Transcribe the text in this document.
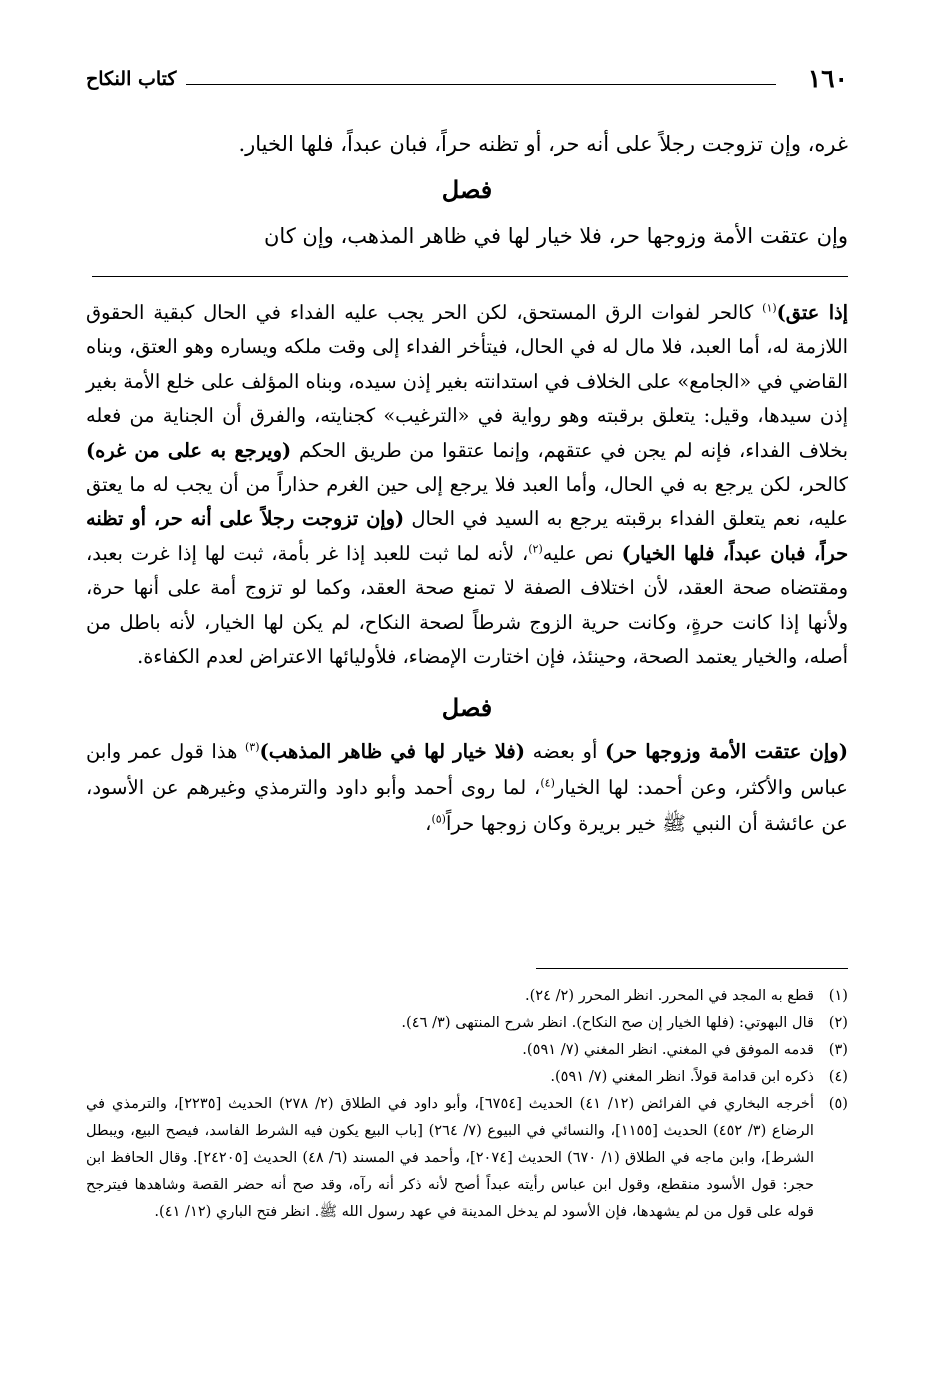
١٦٠
كتاب النكاح

غره، وإن تزوجت رجلاً على أنه حر، أو تظنه حراً، فبان عبداً، فلها الخيار.

فصل

وإن عتقت الأمة وزوجها حر، فلا خيار لها في ظاهر المذهب، وإن كان

إذا عتق)$^{(١)}$ كالحر لفوات الرق المستحق، لكن الحر يجب عليه الفداء في الحال كبقية الحقوق اللازمة له، أما العبد، فلا مال له في الحال، فيتأخر الفداء إلى وقت ملكه ويساره وهو العتق، وبناه القاضي في «الجامع» على الخلاف في استدانته بغير إذن سيده، وبناه المؤلف على خلع الأمة بغير إذن سيدها، وقيل: يتعلق برقبته وهو رواية في «الترغيب» كجنايته، والفرق أن الجناية من فعله بخلاف الفداء، فإنه لم يجن في عتقهم، وإنما عتقوا من طريق الحكم (ويرجع به على من غره) كالحر، لكن يرجع به في الحال، وأما العبد فلا يرجع إلى حين الغرم حذاراً من أن يجب له ما يعتق عليه، نعم يتعلق الفداء برقبته يرجع به السيد في الحال (وإن تزوجت رجلاً على أنه حر، أو تظنه حراً، فبان عبداً، فلها الخيار) نص عليه$^{(٢)}$، لأنه لما ثبت للعبد إذا غر بأمة، ثبت لها إذا غرت بعبد، ومقتضاه صحة العقد، لأن اختلاف الصفة لا تمنع صحة العقد، وكما لو تزوج أمة على أنها حرة، ولأنها إذا كانت حرةٍ، وكانت حرية الزوج شرطاً لصحة النكاح، لم يكن لها الخيار، لأنه باطل من أصله، والخيار يعتمد الصحة، وحينئذ، فإن اختارت الإمضاء، فلأوليائها الاعتراض لعدم الكفاءة.

فصل

(وإن عتقت الأمة وزوجها حر) أو بعضه (فلا خيار لها في ظاهر المذهب)$^{(٣)}$ هذا قول عمر وابن عباس والأكثر، وعن أحمد: لها الخيار$^{(٤)}$، لما روى أحمد وأبو داود والترمذي وغيرهم عن الأسود، عن عائشة أن النبي ﷺ خير بريرة وكان زوجها حراً$^{(٥)}$،

(١)
قطع به المجد في المحرر. انظر المحرر (٢/ ٢٤).
(٢)
قال البهوتي: (فلها الخيار إن صح النكاح). انظر شرح المنتهى (٣/ ٤٦).
(٣)
قدمه الموفق في المغني. انظر المغني (٧/ ٥٩١).
(٤)
ذكره ابن قدامة قولاً. انظر المغني (٧/ ٥٩١).
(٥)
أخرجه البخاري في الفرائض (١٢/ ٤١) الحديث [٦٧٥٤]، وأبو داود في الطلاق (٢/ ٢٧٨) الحديث [٢٢٣٥]، والترمذي في الرضاع (٣/ ٤٥٢) الحديث [١١٥٥]، والنسائي في البيوع (٧/ ٢٦٤) [باب البيع يكون فيه الشرط الفاسد، فيصح البيع، ويبطل الشرط]، وابن ماجه في الطلاق (١/ ٦٧٠) الحديث [٢٠٧٤]، وأحمد في المسند (٦/ ٤٨) الحديث [٢٤٢٠٥]. وقال الحافظ ابن حجر: قول الأسود منقطع، وقول ابن عباس رأيته عبداً أصح لأنه ذكر أنه رآه، وقد صح أنه حضر القصة وشاهدها فيترجح قوله على قول من لم يشهدها، فإن الأسود لم يدخل المدينة في عهد رسول الله ﷺ. انظر فتح الباري (١٢/ ٤١).
